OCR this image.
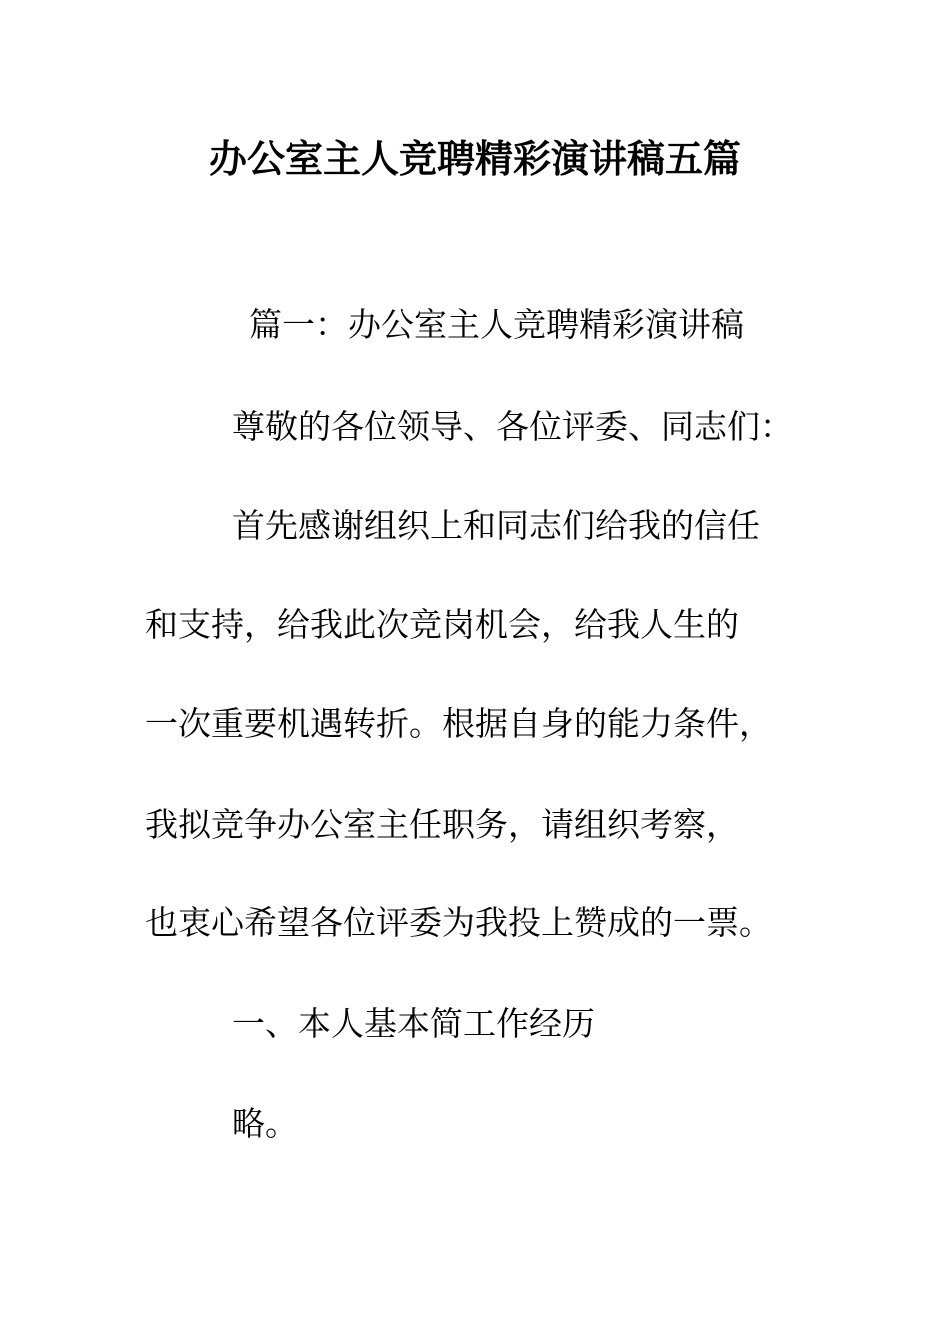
办公室主人竞聘精彩演讲稿五篇
篇一：办公室主人竞聘精彩演讲稿
尊敬的各位领导、各位评委、同志们：
首先感谢组织上和同志们给我的信任
和支持，给我此次竞岗机会，给我人生的
一次重要机遇转折。根据自身的能力条件，
我拟竞争办公室主任职务，请组织考察，
也衷心希望各位评委为我投上赞成的一票。
一、本人基本简工作经历
略。
